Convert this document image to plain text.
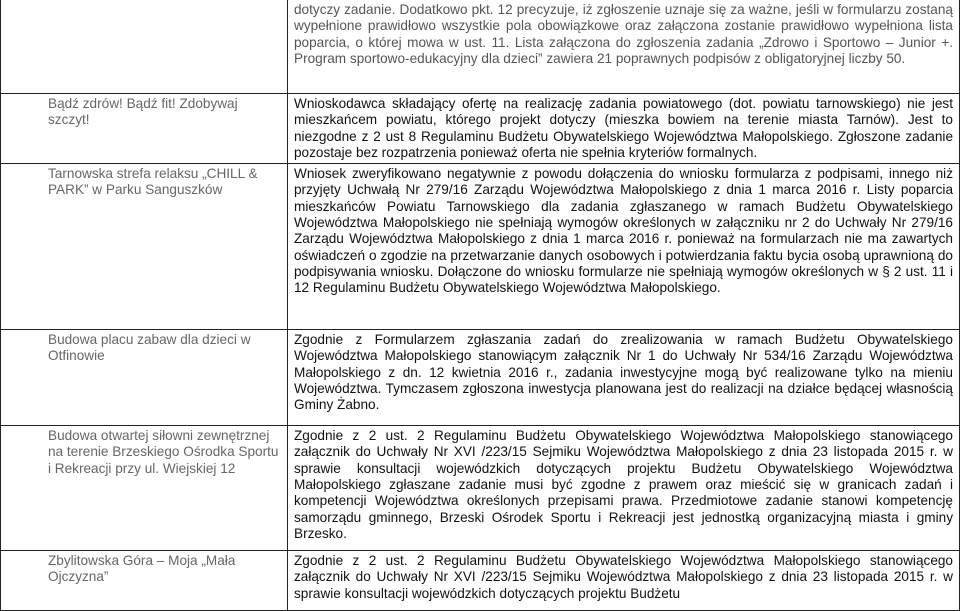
	dotyczy zadanie. Dodatkowo pkt. 12 precyzuje, iż zgłoszenie uznaje się za ważne, jeśli w formularzu zostaną wypełnione prawidłowo wszystkie pola obowiązkowe oraz załączona zostanie prawidłowo wypełniona lista poparcia, o której mowa w ust. 11. Lista załączona do zgłoszenia zadania „Zdrowo i Sportowo – Junior +. Program sportowo-edukacyjny dla dzieci” zawiera 21 poprawnych podpisów z obligatoryjnej liczby 50.

Bądź zdrów! Bądź fit! Zdobywaj szczyt!	Wnioskodawca składający ofertę na realizację zadania powiatowego (dot. powiatu tarnowskiego) nie jest mieszkańcem powiatu, którego projekt dotyczy (mieszka bowiem na terenie miasta Tarnów). Jest to niezgodne z 2 ust 8 Regulaminu Budżetu Obywatelskiego Województwa Małopolskiego. Zgłoszone zadanie pozostaje bez rozpatrzenia ponieważ oferta nie spełnia kryteriów formalnych.

Tarnowska strefa relaksu „CHILL & PARK” w Parku Sanguszków	Wniosek zweryfikowano negatywnie z powodu dołączenia do wniosku formularza z podpisami, innego niż przyjęty Uchwałą Nr 279/16 Zarządu Województwa Małopolskiego z dnia 1 marca 2016 r. Listy poparcia mieszkańców Powiatu Tarnowskiego dla zadania zgłaszanego w ramach Budżetu Obywatelskiego Województwa Małopolskiego nie spełniają wymogów określonych w załączniku nr 2 do Uchwały Nr 279/16 Zarządu Województwa Małopolskiego z dnia 1 marca 2016 r. ponieważ na formularzach nie ma zawartych oświadczeń o zgodzie na przetwarzanie danych osobowych i potwierdzania faktu bycia osobą uprawnioną do podpisywania wniosku. Dołączone do wniosku formularze nie spełniają wymogów określonych w § 2 ust. 11 i 12 Regulaminu Budżetu Obywatelskiego Województwa Małopolskiego.

Budowa placu zabaw dla dzieci w Otfinowie	Zgodnie z Formularzem zgłaszania zadań do zrealizowania w ramach Budżetu Obywatelskiego Województwa Małopolskiego stanowiącym załącznik Nr 1 do Uchwały Nr 534/16 Zarządu Województwa Małopolskiego z dn. 12 kwietnia 2016 r., zadania inwestycyjne mogą być realizowane tylko na mieniu Województwa. Tymczasem zgłoszona inwestycja planowana jest do realizacji na działce będącej własnością Gminy Żabno.

Budowa otwartej siłowni zewnętrznej na terenie Brzeskiego Ośrodka Sportu i Rekreacji przy ul. Wiejskiej 12	Zgodnie z 2 ust. 2 Regulaminu Budżetu Obywatelskiego Województwa Małopolskiego stanowiącego załącznik do Uchwały Nr XVI /223/15 Sejmiku Województwa Małopolskiego z dnia 23 listopada 2015 r. w sprawie konsultacji wojewódzkich dotyczących projektu Budżetu Obywatelskiego Województwa Małopolskiego zgłaszane zadanie musi być zgodne z prawem oraz mieścić się w granicach zadań i kompetencji Województwa określonych przepisami prawa. Przedmiotowe zadanie stanowi kompetencję samorządu gminnego, Brzeski Ośrodek Sportu i Rekreacji jest jednostką organizacyjną miasta i gminy Brzesko.

Zbylitowska Góra – Moja „Mała Ojczyzna”	Zgodnie z 2 ust. 2 Regulaminu Budżetu Obywatelskiego Województwa Małopolskiego stanowiącego załącznik do Uchwały Nr XVI /223/15 Sejmiku Województwa Małopolskiego z dnia 23 listopada 2015 r. w sprawie konsultacji wojewódzkich dotyczących projektu Budżetu
